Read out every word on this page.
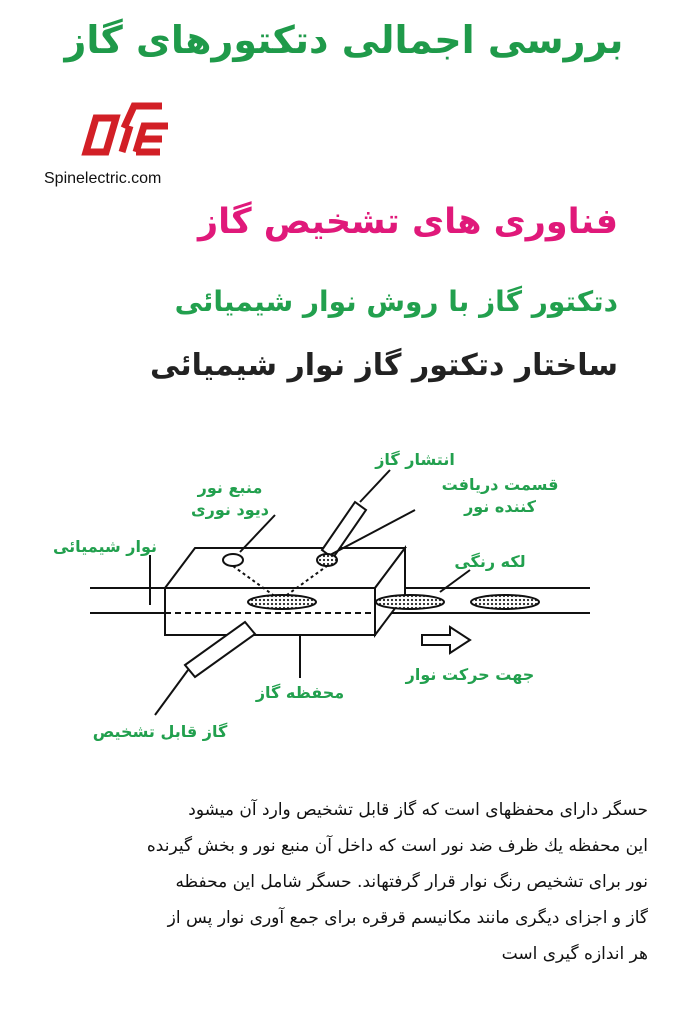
بررسی اجمالی دتکتورهای گاز
Spinelectric.com
فناوری های تشخیص گاز
دتکتور گاز با روش نوار شیمیائی
ساختار دتکتور گاز نوار شیمیائی
انتشار گاز
منبع نور
دیود نوری
قسمت دریافت
کننده نور
نوار شیمیائی
لکه رنگی
جهت حرکت نوار
محفظه گاز
گاز قابل تشخیص

حسگر دارای محفظهای است که گاز قابل تشخیص وارد آن میشود

این محفظه يك ظرف ضد نور است که داخل آن منبع نور و بخش گیرنده

نور برای تشخیص رنگ نوار قرار گرفتهاند. حسگر شامل این محفظه

گاز و اجزای دیگری مانند مکانیسم قرقره برای جمع آوری نوار پس از

هر اندازه گیری است
